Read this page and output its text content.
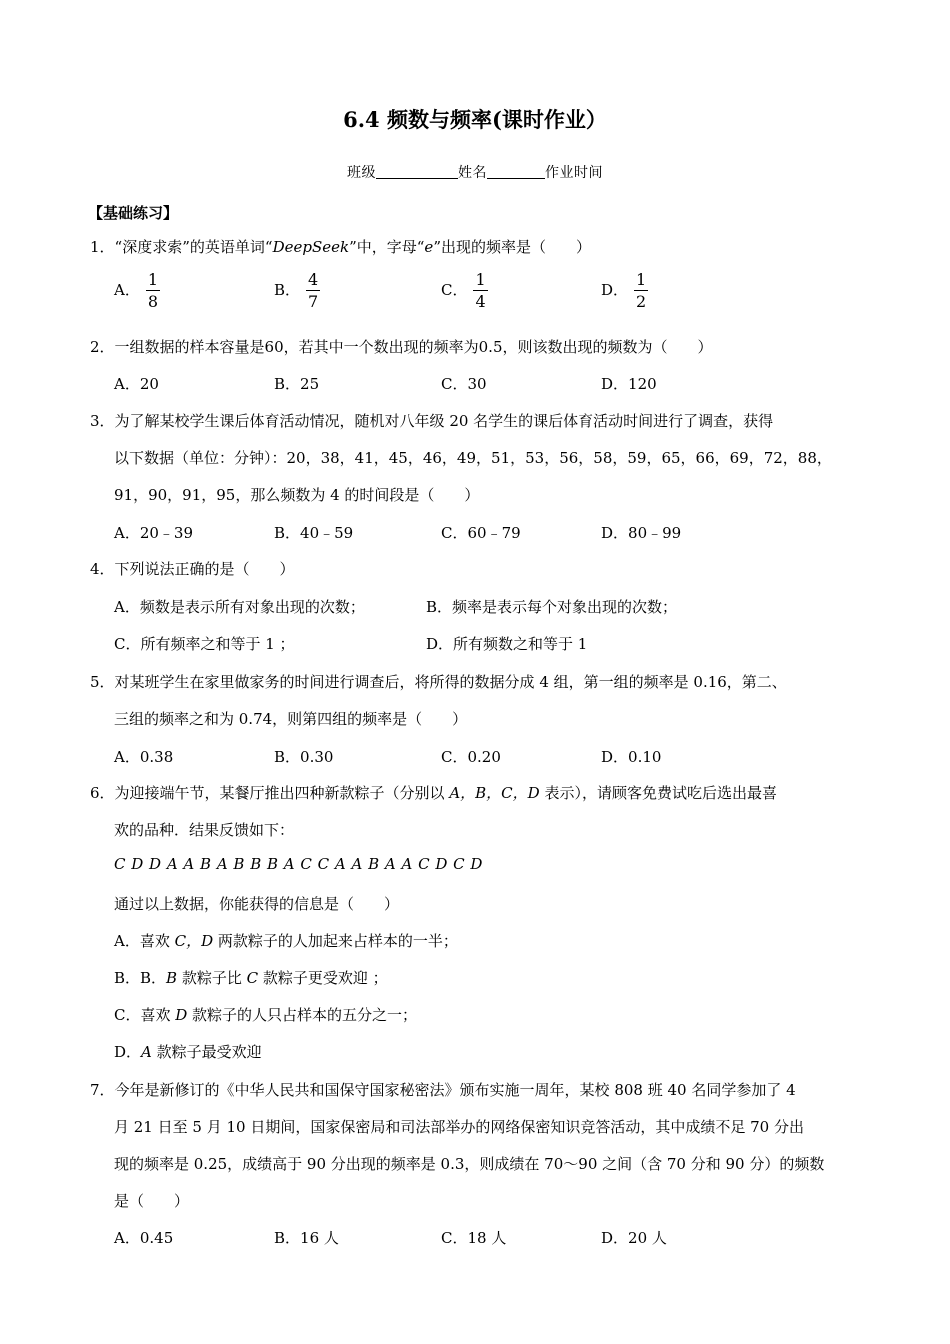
6.4 频数与频率(课时作业）
班级	姓名	作业时间
【基础练习】
1．“深度求索”的英语单词“DeepSeek”中，字母“e”出现的频率是（　　）
A． $\frac{1}{8}$	B． $\frac{4}{7}$	C． $\frac{1}{4}$	D． $\frac{1}{2}$
2．一组数据的样本容量是60，若其中一个数出现的频率为0.5，则该数出现的频数为（　　）
A．20	B．25	C．30	D．120
3．为了解某校学生课后体育活动情况，随机对八年级 20 名学生的课后体育活动时间进行了调查，获得
以下数据（单位：分钟）：20，38，41，45，46，49，51，53，56，58，59，65，66，69，72，88，
91，90，91，95，那么频数为 4 的时间段是（　　）
A．20﹣39	B．40﹣59	C．60﹣79	D．80﹣99
4．下列说法正确的是（　　）
A．频数是表示所有对象出现的次数；	B．频率是表示每个对象出现的次数；
C．所有频率之和等于 1 ；	D．所有频数之和等于 1
5．对某班学生在家里做家务的时间进行调查后，将所得的数据分成 4 组，第一组的频率是 0.16，第二、
三组的频率之和为 0.74，则第四组的频率是（　　）
A．0.38	B．0.30	C．0.20	D．0.10
6．为迎接端午节，某餐厅推出四种新款粽子（分别以 A，B，C，D 表示），请顾客免费试吃后选出最喜
欢的品种．结果反馈如下：
C D D A A B A B B B A C C A A B A A C D C D
通过以上数据，你能获得的信息是（　　）
A．喜欢 C，D 两款粽子的人加起来占样本的一半；
B．B．B 款粽子比 C 款粽子更受欢迎 ；
C．喜欢 D 款粽子的人只占样本的五分之一；
D．A 款粽子最受欢迎
7．今年是新修订的《中华人民共和国保守国家秘密法》颁布实施一周年，某校 808 班 40 名同学参加了 4
月 21 日至 5 月 10 日期间，国家保密局和司法部举办的网络保密知识竞答活动，其中成绩不足 70 分出
现的频率是 0.25，成绩高于 90 分出现的频率是 0.3，则成绩在 70～90 之间（含 70 分和 90 分）的频数
是（　　）
A．0.45	B．16 人	C．18 人	D．20 人
